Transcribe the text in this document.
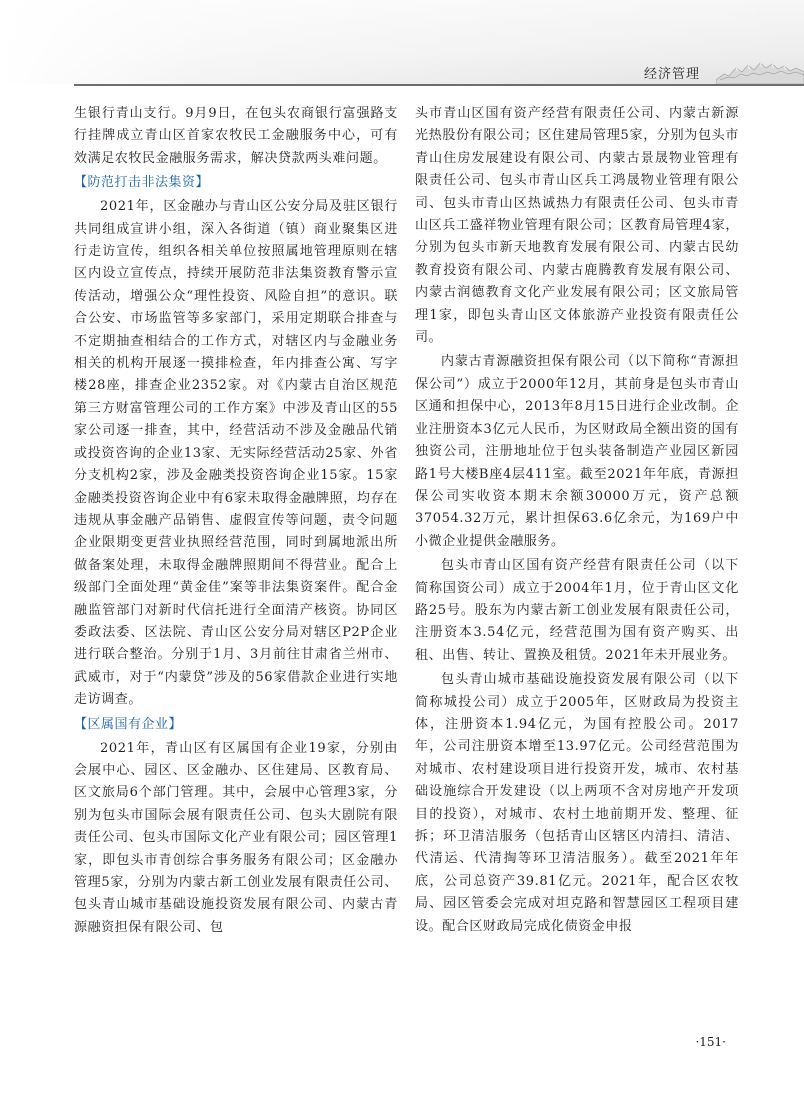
经济管理

生银行青山支行。9月9日，在包头农商银行富强路支行挂牌成立青山区首家农牧民工金融服务中心，可有效满足农牧民金融服务需求，解决贷款两头难问题。

【防范打击非法集资】

2021年，区金融办与青山区公安分局及驻区银行共同组成宣讲小组，深入各街道（镇）商业聚集区进行走访宣传，组织各相关单位按照属地管理原则在辖区内设立宣传点，持续开展防范非法集资教育警示宣传活动，增强公众“理性投资、风险自担”的意识。联合公安、市场监管等多家部门，采用定期联合排查与不定期抽查相结合的工作方式，对辖区内与金融业务相关的机构开展逐一摸排检查，年内排查公寓、写字楼28座，排查企业2352家。对《内蒙古自治区规范第三方财富管理公司的工作方案》中涉及青山区的55家公司逐一排查，其中，经营活动不涉及金融品代销或投资咨询的企业13家、无实际经营活动25家、外省分支机构2家，涉及金融类投资咨询企业15家。15家金融类投资咨询企业中有6家未取得金融牌照，均存在违规从事金融产品销售、虚假宣传等问题，责令问题企业限期变更营业执照经营范围，同时到属地派出所做备案处理，未取得金融牌照期间不得营业。配合上级部门全面处理“黄金佳”案等非法集资案件。配合金融监管部门对新时代信托进行全面清产核资。协同区委政法委、区法院、青山区公安分局对辖区P2P企业进行联合整治。分别于1月、3月前往甘肃省兰州市、武威市，对于“内蒙贷”涉及的56家借款企业进行实地走访调查。

【区属国有企业】

2021年，青山区有区属国有企业19家，分别由会展中心、园区、区金融办、区住建局、区教育局、区文旅局6个部门管理。其中，会展中心管理3家，分别为包头市国际会展有限责任公司、包头大剧院有限责任公司、包头市国际文化产业有限公司；园区管理1家，即包头市青创综合事务服务有限公司；区金融办管理5家，分别为内蒙古新工创业发展有限责任公司、包头青山城市基础设施投资发展有限公司、内蒙古青源融资担保有限公司、包

头市青山区国有资产经营有限责任公司、内蒙古新源光热股份有限公司；区住建局管理5家，分别为包头市青山住房发展建设有限公司、内蒙古景晟物业管理有限责任公司、包头市青山区兵工鸿晟物业管理有限公司、包头市青山区热诚热力有限责任公司、包头市青山区兵工盛祥物业管理有限公司；区教育局管理4家，分别为包头市新天地教育发展有限公司、内蒙古民幼教育投资有限公司、内蒙古鹿腾教育发展有限公司、内蒙古润德教育文化产业发展有限公司；区文旅局管理1家，即包头青山区文体旅游产业投资有限责任公司。

内蒙古青源融资担保有限公司（以下简称“青源担保公司”）成立于2000年12月，其前身是包头市青山区通和担保中心，2013年8月15日进行企业改制。企业注册资本3亿元人民币，为区财政局全额出资的国有独资公司，注册地址位于包头装备制造产业园区新园路1号大楼B座4层411室。截至2021年年底，青源担保公司实收资本期末余额30000万元，资产总额37054.32万元，累计担保63.6亿余元，为169户中小微企业提供金融服务。

包头市青山区国有资产经营有限责任公司（以下简称国资公司）成立于2004年1月，位于青山区文化路25号。股东为内蒙古新工创业发展有限责任公司，注册资本3.54亿元，经营范围为国有资产购买、出租、出售、转让、置换及租赁。2021年未开展业务。

包头青山城市基础设施投资发展有限公司（以下简称城投公司）成立于2005年，区财政局为投资主体，注册资本1.94亿元，为国有控股公司。2017年，公司注册资本增至13.97亿元。公司经营范围为对城市、农村建设项目进行投资开发，城市、农村基础设施综合开发建设（以上两项不含对房地产开发项目的投资），对城市、农村土地前期开发、整理、征拆；环卫清洁服务（包括青山区辖区内清扫、清洁、代清运、代清掏等环卫清洁服务）。截至2021年年底，公司总资产39.81亿元。2021年，配合区农牧局、园区管委会完成对坦克路和智慧园区工程项目建设。配合区财政局完成化债资金申报

·151·
